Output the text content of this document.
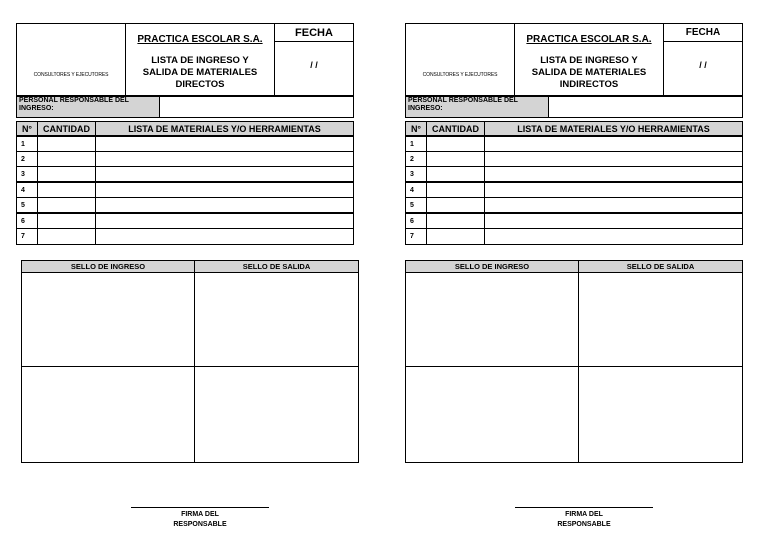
CONSULTORES Y EJECUTORES
PRACTICA ESCOLAR S.A.
LISTA DE INGRESO Y SALIDA DE MATERIALES DIRECTOS
FECHA
/ /
PERSONAL RESPONSABLE DEL INGRESO:
N°	CANTIDAD	LISTA DE MATERIALES Y/O HERRAMIENTAS
1
2
3
4
5
6
7
SELLO DE INGRESO	SELLO DE SALIDA
FIRMA DEL RESPONSABLE
CONSULTORES Y EJECUTORES
PRACTICA ESCOLAR S.A.
LISTA DE INGRESO Y SALIDA DE MATERIALES INDIRECTOS
FECHA
/ /
PERSONAL RESPONSABLE DEL INGRESO:
N°	CANTIDAD	LISTA DE MATERIALES Y/O HERRAMIENTAS
1
2
3
4
5
6
7
SELLO DE INGRESO	SELLO DE SALIDA
FIRMA DEL RESPONSABLE
